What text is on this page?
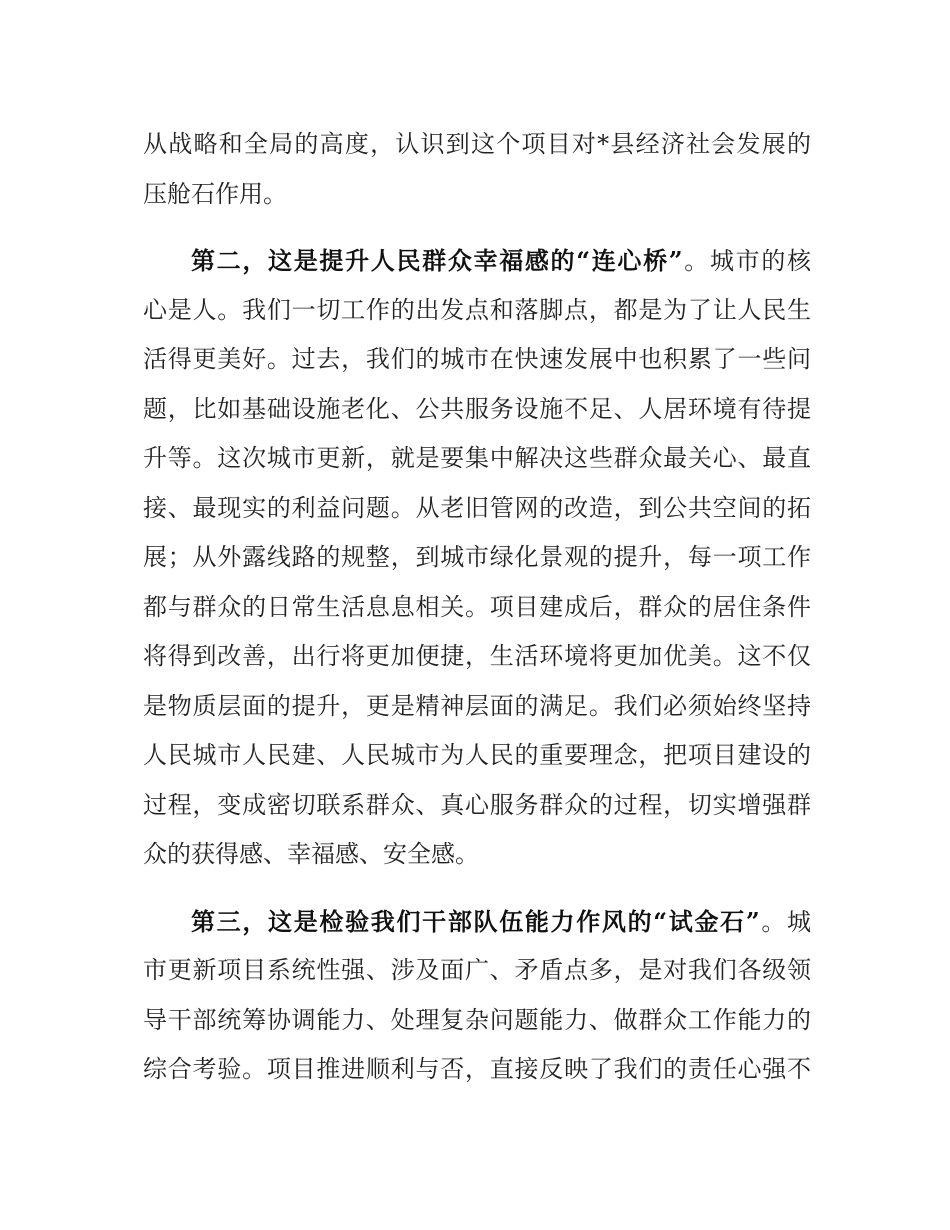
从战略和全局的高度，认识到这个项目对*县经济社会发展的
压舱石作用。
第二，这是提升人民群众幸福感的“连心桥”。城市的核
心是人。我们一切工作的出发点和落脚点，都是为了让人民生
活得更美好。过去，我们的城市在快速发展中也积累了一些问
题，比如基础设施老化、公共服务设施不足、人居环境有待提
升等。这次城市更新，就是要集中解决这些群众最关心、最直
接、最现实的利益问题。从老旧管网的改造，到公共空间的拓
展；从外露线路的规整，到城市绿化景观的提升，每一项工作
都与群众的日常生活息息相关。项目建成后，群众的居住条件
将得到改善，出行将更加便捷，生活环境将更加优美。这不仅
是物质层面的提升，更是精神层面的满足。我们必须始终坚持
人民城市人民建、人民城市为人民的重要理念，把项目建设的
过程，变成密切联系群众、真心服务群众的过程，切实增强群
众的获得感、幸福感、安全感。
第三，这是检验我们干部队伍能力作风的“试金石”。城
市更新项目系统性强、涉及面广、矛盾点多，是对我们各级领
导干部统筹协调能力、处理复杂问题能力、做群众工作能力的
综合考验。项目推进顺利与否，直接反映了我们的责任心强不
